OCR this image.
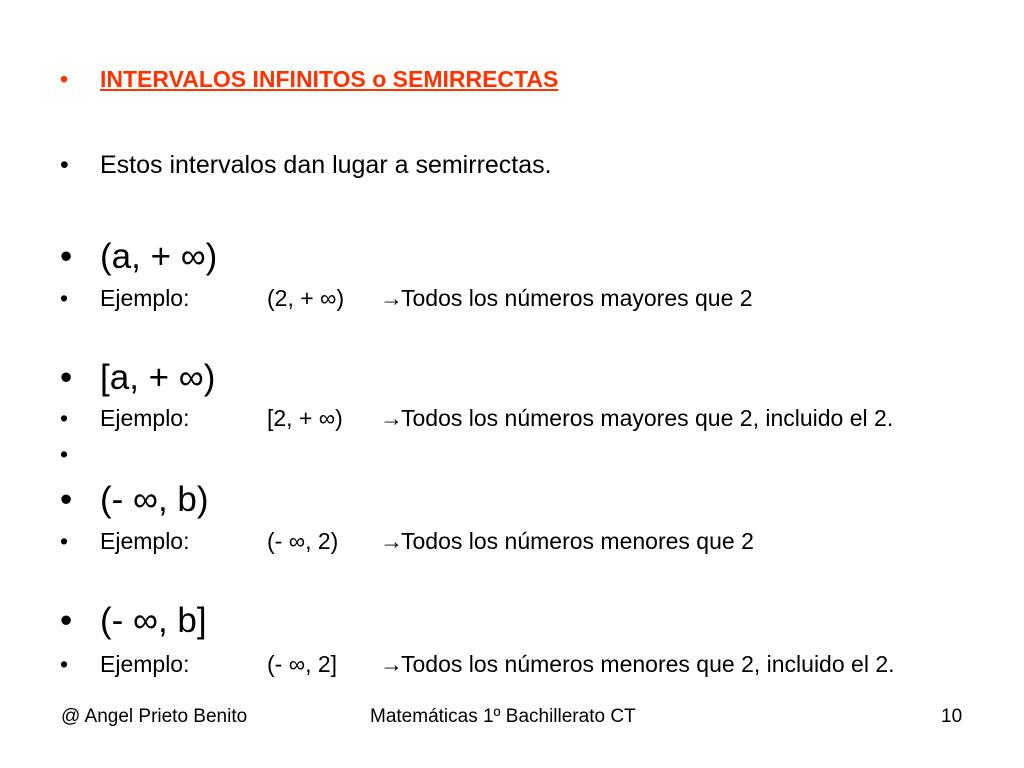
• INTERVALOS INFINITOS o SEMIRRECTAS
• Estos intervalos dan lugar a semirrectas.
• (a, + ∞)
• Ejemplo:	(2, + ∞) →
Todos los números mayores que 2
• [a, + ∞)
• Ejemplo:	[2, + ∞) →
Todos los números mayores que 2, incluido el 2.
•
• (- ∞, b)
• Ejemplo:	(- ∞, 2) →
Todos los números menores que 2
• (- ∞, b]
• Ejemplo:	(- ∞, 2] →
Todos los números menores que 2, incluido el 2.
@ Angel Prieto Benito	Matemáticas 1º Bachillerato CT	10
